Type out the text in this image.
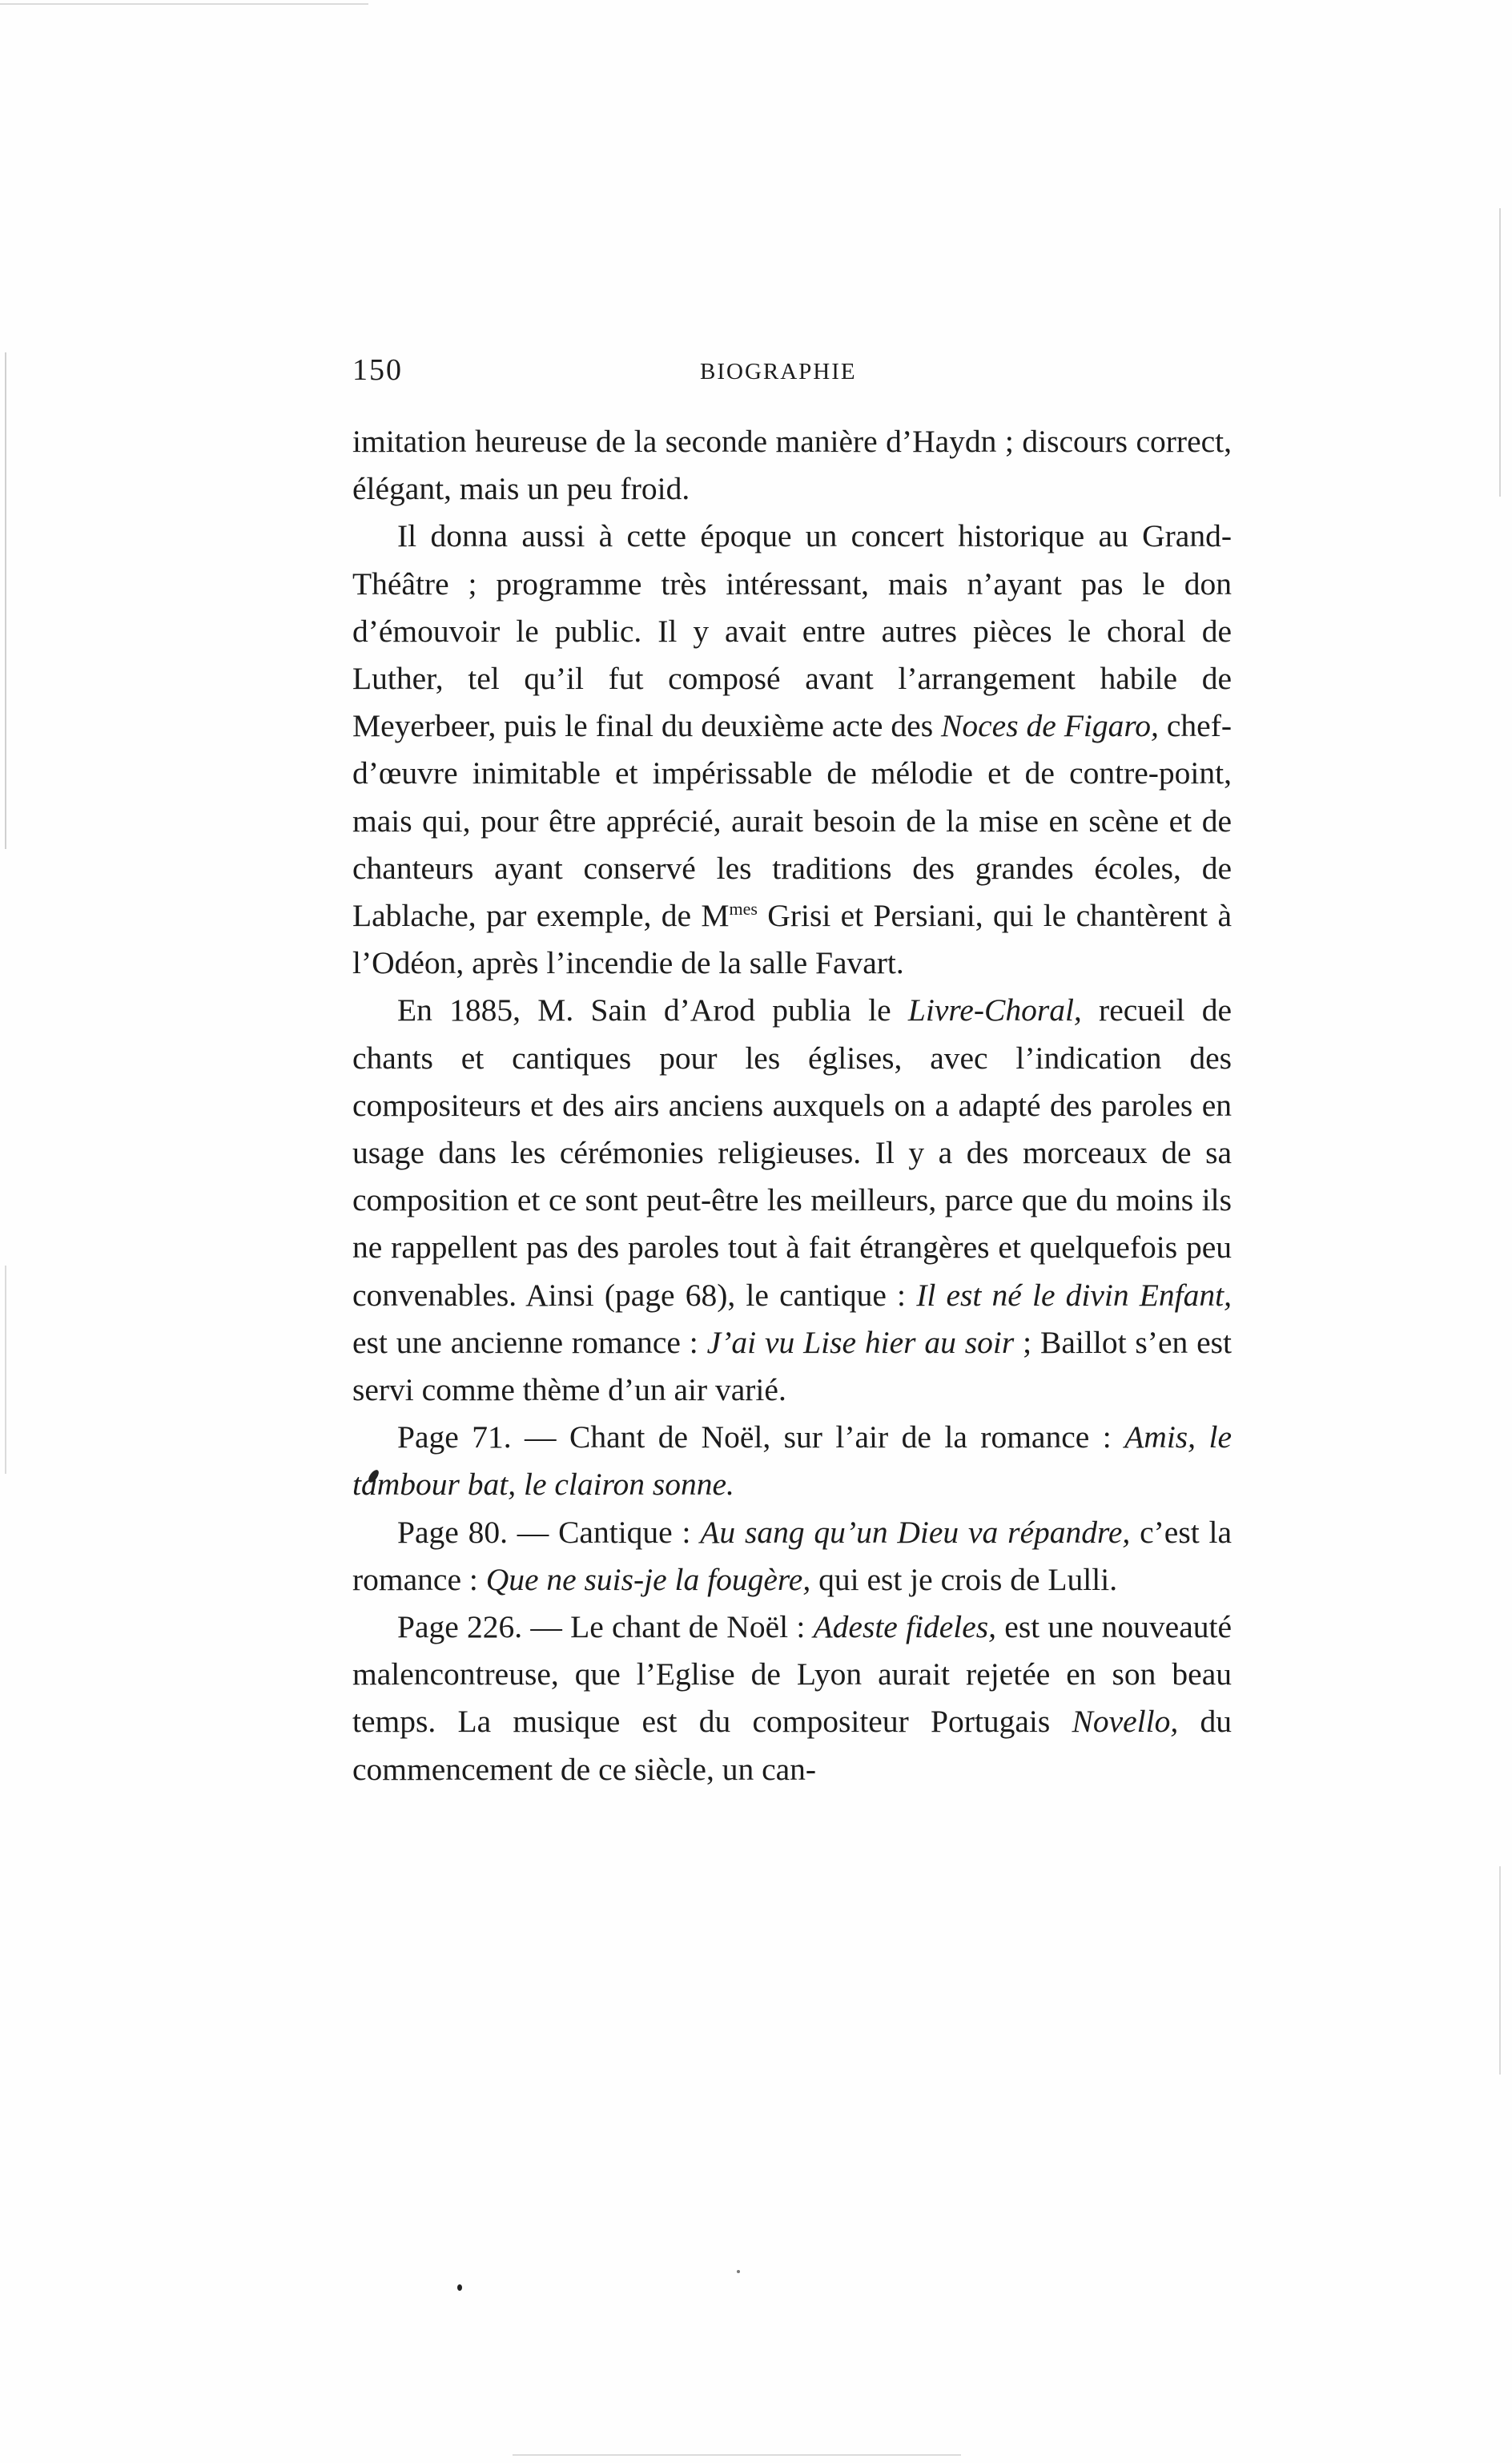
150	BIOGRAPHIE

imitation heureuse de la seconde manière d’Haydn ; discours correct, élégant, mais un peu froid.

Il donna aussi à cette époque un concert historique au Grand-Théâtre ; programme très intéressant, mais n’ayant pas le don d’émouvoir le public. Il y avait entre autres pièces le choral de Luther, tel qu’il fut composé avant l’arrangement habile de Meyerbeer, puis le final du deuxième acte des Noces de Figaro, chef-d’œuvre inimitable et impérissable de mélodie et de contre-point, mais qui, pour être apprécié, aurait besoin de la mise en scène et de chanteurs ayant conservé les traditions des grandes écoles, de Lablache, par exemple, de $M^{mes}$ Grisi et Persiani, qui le chantèrent à l’Odéon, après l’incendie de la salle Favart.

En 1885, M. Sain d’Arod publia le Livre-Choral, recueil de chants et cantiques pour les églises, avec l’indication des compositeurs et des airs anciens auxquels on a adapté des paroles en usage dans les cérémonies religieuses. Il y a des morceaux de sa composition et ce sont peut-être les meilleurs, parce que du moins ils ne rappellent pas des paroles tout à fait étrangères et quelquefois peu convenables. Ainsi (page 68), le cantique : Il est né le divin Enfant, est une ancienne romance : J’ai vu Lise hier au soir ; Baillot s’en est servi comme thème d’un air varié.

Page 71. — Chant de Noël, sur l’air de la romance : Amis, le tambour bat, le clairon sonne.

Page 80. — Cantique : Au sang qu’un Dieu va répandre, c’est la romance : Que ne suis-je la fougère, qui est je crois de Lulli.

Page 226. — Le chant de Noël : Adeste fideles, est une nouveauté malencontreuse, que l’Eglise de Lyon aurait rejetée en son beau temps. La musique est du compositeur Portugais Novello, du commencement de ce siècle, un can-
